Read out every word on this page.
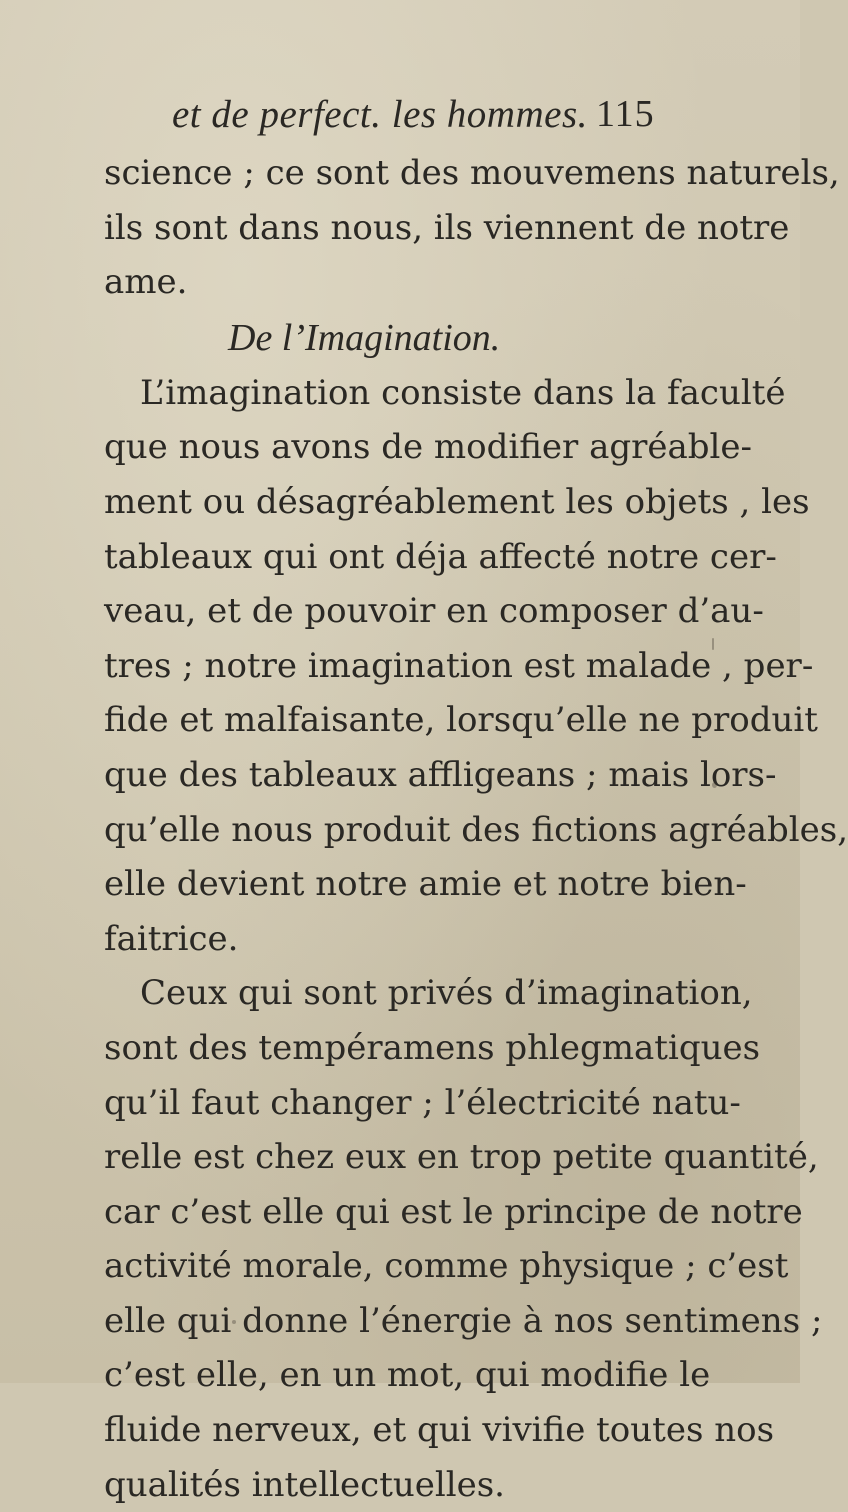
et de perfect. les hommes. 115
science ; ce sont des mouvemens naturels,
ils sont dans nous, ils viennent de notre
ame.
De l’Imagination.
L’imagination consiste dans la faculté
que nous avons de modifier agréable-
ment ou désagréablement les objets , les
tableaux qui ont déja affecté notre cer-
veau, et de pouvoir en composer d’au-
tres ; notre imagination est malade , per-
fide et malfaisante, lorsqu’elle ne produit
que des tableaux affligeans ; mais lors-
qu’elle nous produit des fictions agréables,
elle devient notre amie et notre bien-
faitrice.
Ceux qui sont privés d’imagination,
sont des tempéramens phlegmatiques
qu’il faut changer ; l’électricité natu-
relle est chez eux en trop petite quantité,
car c’est elle qui est le principe de notre
activité morale, comme physique ; c’est
elle qui donne l’énergie à nos sentimens ;
c’est elle, en un mot, qui modifie le
fluide nerveux, et qui vivifie toutes nos
qualités intellectuelles.
